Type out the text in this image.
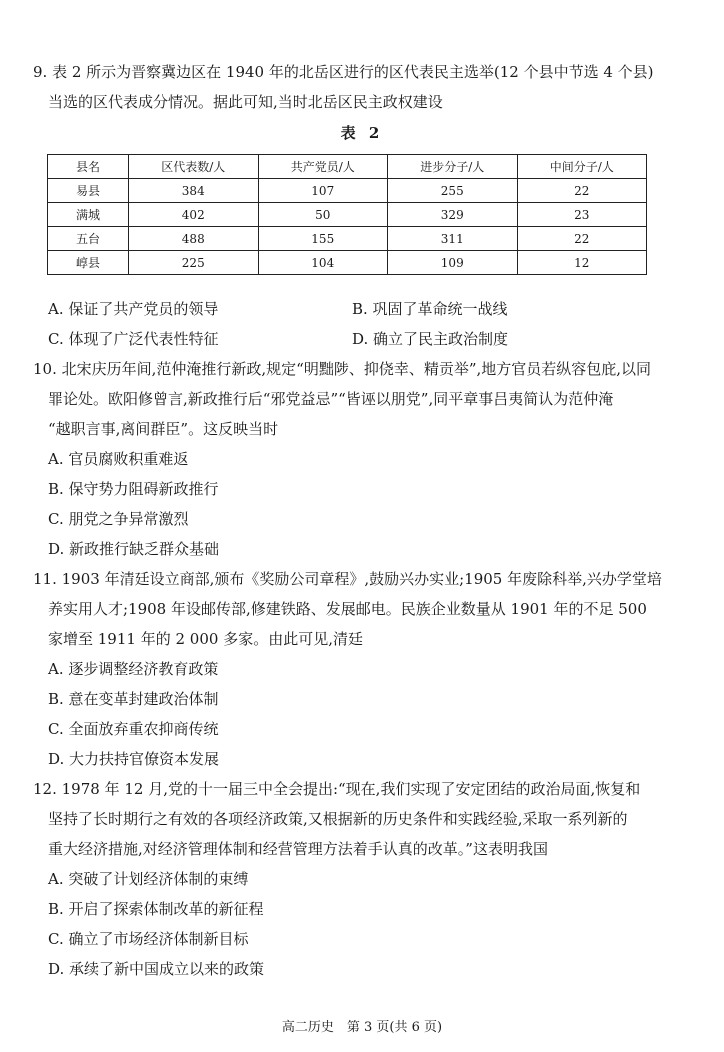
9. 表 2 所示为晋察冀边区在 1940 年的北岳区进行的区代表民主选举(12 个县中节选 4 个县)
当选的区代表成分情况。据此可知,当时北岳区民主政权建设
表 2
县名	区代表数/人	共产党员/人	进步分子/人	中间分子/人
易县	384	107	255	22
满城	402	50	329	23
五台	488	155	311	22
崞县	225	104	109	12
A. 保证了共产党员的领导	B. 巩固了革命统一战线
C. 体现了广泛代表性特征	D. 确立了民主政治制度
10. 北宋庆历年间,范仲淹推行新政,规定“明黜陟、抑侥幸、精贡举”,地方官员若纵容包庇,以同
罪论处。欧阳修曾言,新政推行后“邪党益忌”“皆诬以朋党”,同平章事吕夷简认为范仲淹
“越职言事,离间群臣”。这反映当时
A. 官员腐败积重难返
B. 保守势力阻碍新政推行
C. 朋党之争异常激烈
D. 新政推行缺乏群众基础
11. 1903 年清廷设立商部,颁布《奖励公司章程》,鼓励兴办实业;1905 年废除科举,兴办学堂培
养实用人才;1908 年设邮传部,修建铁路、发展邮电。民族企业数量从 1901 年的不足 500
家增至 1911 年的 2 000 多家。由此可见,清廷
A. 逐步调整经济教育政策
B. 意在变革封建政治体制
C. 全面放弃重农抑商传统
D. 大力扶持官僚资本发展
12. 1978 年 12 月,党的十一届三中全会提出:“现在,我们实现了安定团结的政治局面,恢复和
坚持了长时期行之有效的各项经济政策,又根据新的历史条件和实践经验,采取一系列新的
重大经济措施,对经济管理体制和经营管理方法着手认真的改革。”这表明我国
A. 突破了计划经济体制的束缚
B. 开启了探索体制改革的新征程
C. 确立了市场经济体制新目标
D. 承续了新中国成立以来的政策
高二历史　第 3 页(共 6 页)
